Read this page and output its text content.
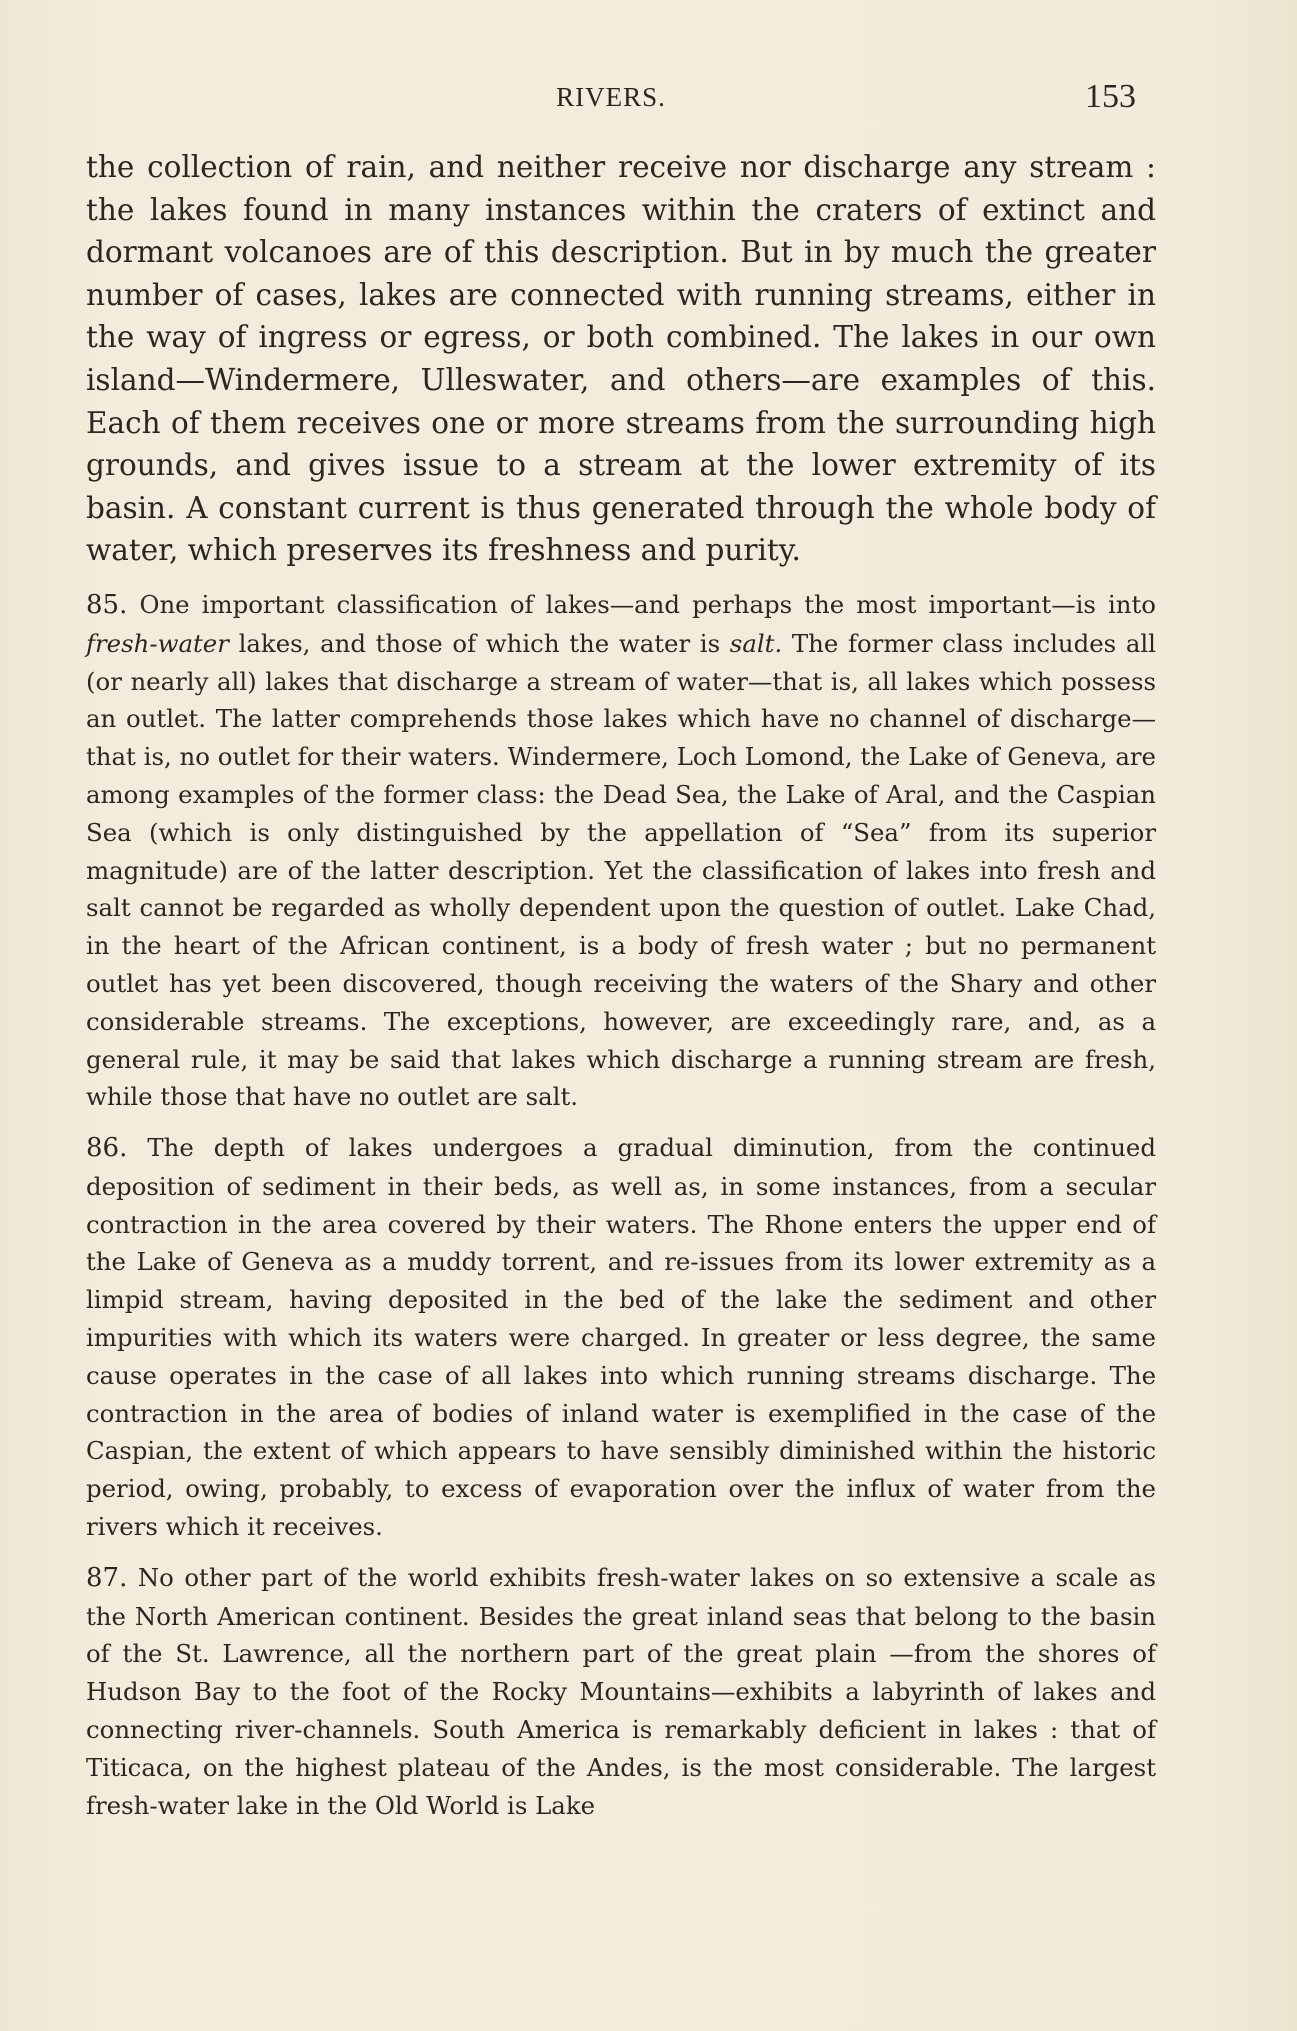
RIVERS.	153

the collection of rain, and neither receive nor discharge any stream : the lakes found in many instances within the craters of extinct and dormant volcanoes are of this description. But in by much the greater number of cases, lakes are connected with running streams, either in the way of ingress or egress, or both combined. The lakes in our own island—Windermere, Ulleswater, and others—are examples of this. Each of them receives one or more streams from the surrounding high grounds, and gives issue to a stream at the lower extremity of its basin. A constant current is thus generated through the whole body of water, which preserves its freshness and purity.

85. One important classification of lakes—and perhaps the most important—is into fresh-water lakes, and those of which the water is salt. The former class includes all (or nearly all) lakes that discharge a stream of water—that is, all lakes which possess an outlet. The latter comprehends those lakes which have no channel of discharge—that is, no outlet for their waters. Windermere, Loch Lomond, the Lake of Geneva, are among examples of the former class: the Dead Sea, the Lake of Aral, and the Caspian Sea (which is only distinguished by the appellation of “Sea” from its superior magnitude) are of the latter description. Yet the classification of lakes into fresh and salt cannot be regarded as wholly dependent upon the question of outlet. Lake Chad, in the heart of the African continent, is a body of fresh water ; but no permanent outlet has yet been discovered, though receiving the waters of the Shary and other considerable streams. The exceptions, however, are exceedingly rare, and, as a general rule, it may be said that lakes which discharge a running stream are fresh, while those that have no outlet are salt.

86. The depth of lakes undergoes a gradual diminution, from the continued deposition of sediment in their beds, as well as, in some instances, from a secular contraction in the area covered by their waters. The Rhone enters the upper end of the Lake of Geneva as a muddy torrent, and re-issues from its lower extremity as a limpid stream, having deposited in the bed of the lake the sediment and other impurities with which its waters were charged. In greater or less degree, the same cause operates in the case of all lakes into which running streams discharge. The contraction in the area of bodies of inland water is exemplified in the case of the Caspian, the extent of which appears to have sensibly diminished within the historic period, owing, probably, to excess of evaporation over the influx of water from the rivers which it receives.

87. No other part of the world exhibits fresh-water lakes on so extensive a scale as the North American continent. Besides the great inland seas that belong to the basin of the St. Lawrence, all the northern part of the great plain —from the shores of Hudson Bay to the foot of the Rocky Mountains—exhibits a labyrinth of lakes and connecting river-channels. South America is remarkably deficient in lakes : that of Titicaca, on the highest plateau of the Andes, is the most considerable. The largest fresh-water lake in the Old World is Lake
